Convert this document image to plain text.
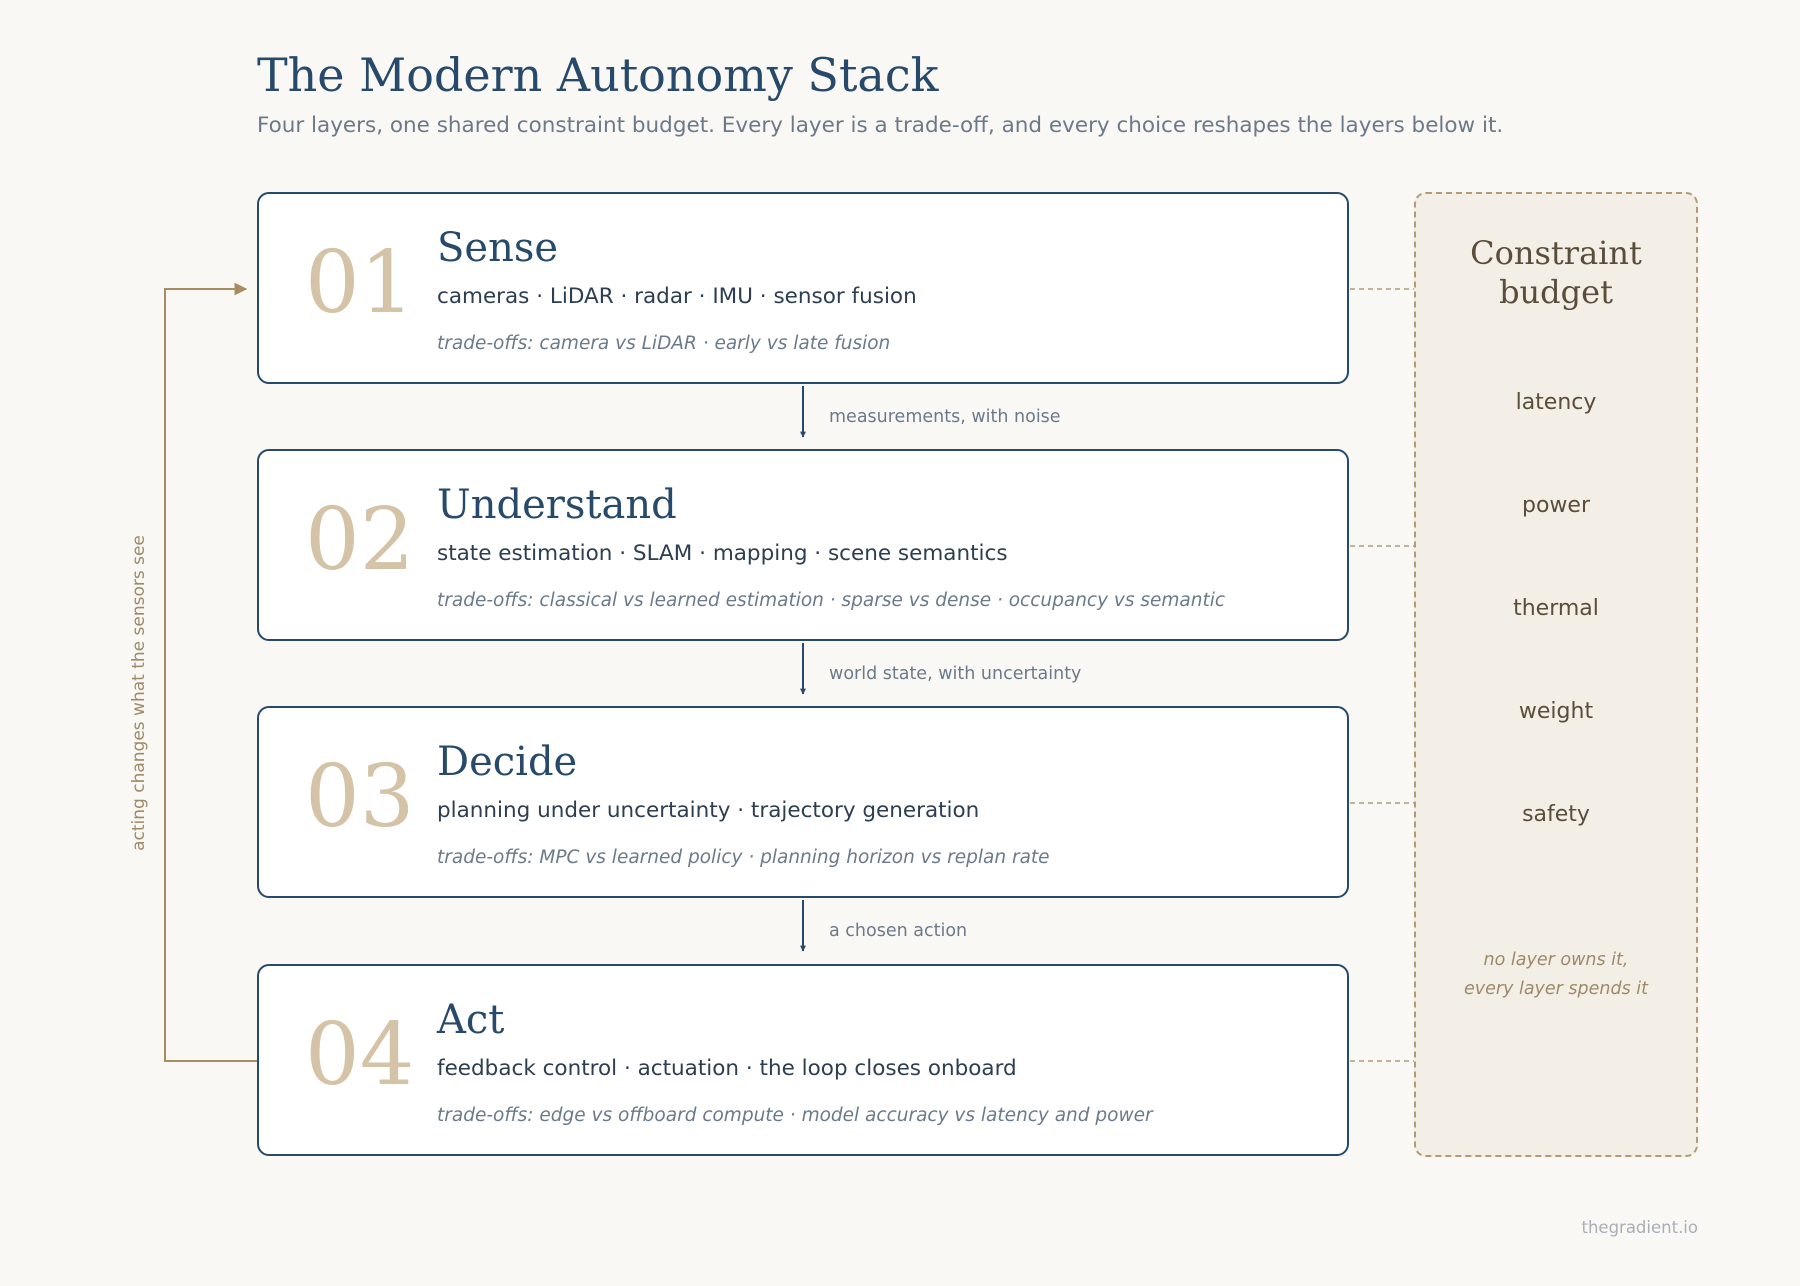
The Modern Autonomy Stack
Four layers, one shared constraint budget. Every layer is a trade-off, and every choice reshapes the layers below it.
01 Sense
cameras · LiDAR · radar · IMU · sensor fusion
trade-offs: camera vs LiDAR · early vs late fusion
02 Understand
state estimation · SLAM · mapping · scene semantics
trade-offs: classical vs learned estimation · sparse vs dense · occupancy vs semantic
03 Decide
planning under uncertainty · trajectory generation
trade-offs: MPC vs learned policy · planning horizon vs replan rate
04 Act
feedback control · actuation · the loop closes onboard
trade-offs: edge vs offboard compute · model accuracy vs latency and power
measurements, with noise
world state, with uncertainty
a chosen action
acting changes what the sensors see
Constraint
budget
latency
power
thermal
weight
safety
no layer owns it,
every layer spends it
thegradient.io
